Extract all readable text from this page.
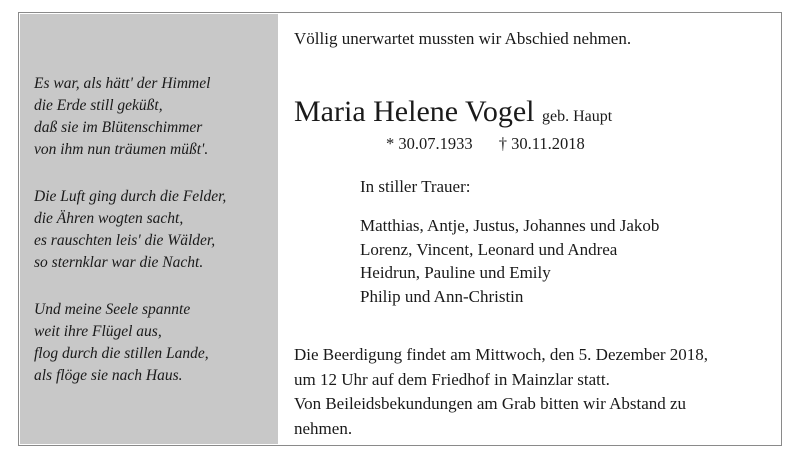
Es war, als hätt' der Himmel
die Erde still geküßt,
daß sie im Blütenschimmer
von ihm nun träumen müßt'.
Die Luft ging durch die Felder,
die Ähren wogten sacht,
es rauschten leis' die Wälder,
so sternklar war die Nacht.
Und meine Seele spannte
weit ihre Flügel aus,
flog durch die stillen Lande,
als flöge sie nach Haus.
Völlig unerwartet mussten wir Abschied nehmen.
Maria Helene Vogel geb. Haupt
* 30.07.1933 † 30.11.2018
In stiller Trauer:
Matthias, Antje, Justus, Johannes und Jakob
Lorenz, Vincent, Leonard und Andrea
Heidrun, Pauline und Emily
Philip und Ann-Christin
Die Beerdigung findet am Mittwoch, den 5. Dezember 2018,
um 12 Uhr auf dem Friedhof in Mainzlar statt.
Von Beileidsbekundungen am Grab bitten wir Abstand zu
nehmen.
